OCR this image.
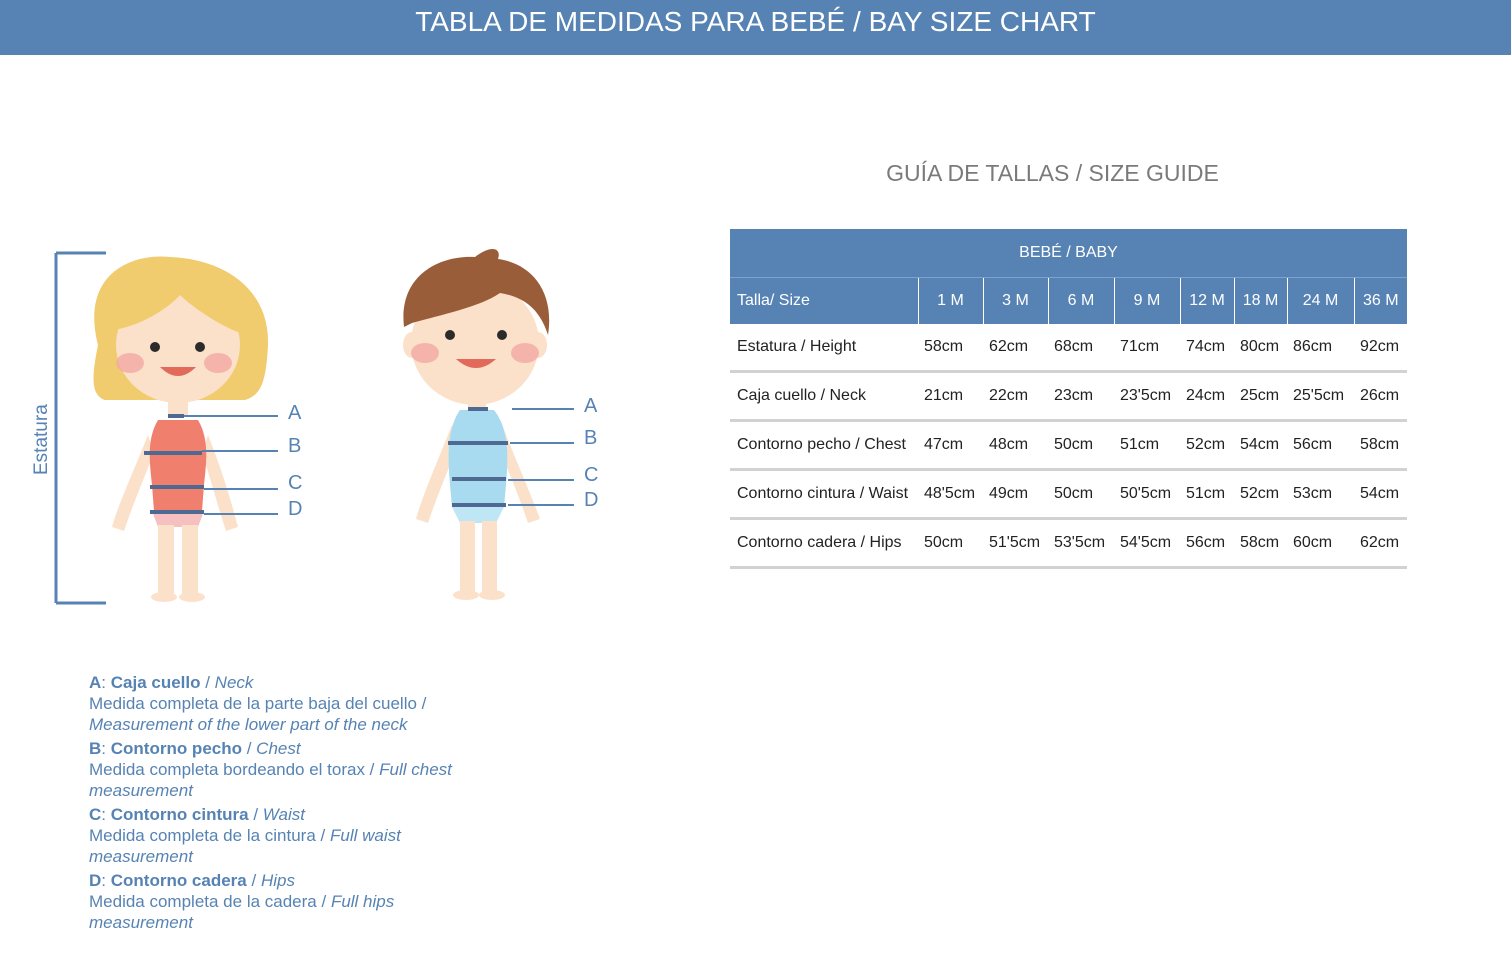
TABLA DE MEDIDAS PARA BEBÉ / BAY SIZE CHART
Estatura	A
B
C
D
A
B
C
D
A: Caja cuello / Neck
Medida completa de la parte baja del cuello /
Measurement of the lower part of the neck
B: Contorno pecho / Chest
Medida completa bordeando el torax / Full chest measurement
C: Contorno cintura / Waist
Medida completa de la cintura / Full waist measurement
D: Contorno cadera / Hips
Medida completa de la cadera / Full hips measurement
GUÍA DE TALLAS / SIZE GUIDE
BEBÉ / BABY								
Talla/ Size	1 M	3 M	6 M	9 M	12 M	18 M	24 M	36 M
Estatura / Height	58cm	62cm	68cm	71cm	74cm	80cm	86cm	92cm
Caja cuello / Neck	21cm	22cm	23cm	23'5cm	24cm	25cm	25'5cm	26cm
Contorno pecho / Chest	47cm	48cm	50cm	51cm	52cm	54cm	56cm	58cm
Contorno cintura / Waist	48'5cm	49cm	50cm	50'5cm	51cm	52cm	53cm	54cm
Contorno cadera / Hips	50cm	51'5cm	53'5cm	54'5cm	56cm	58cm	60cm	62cm
